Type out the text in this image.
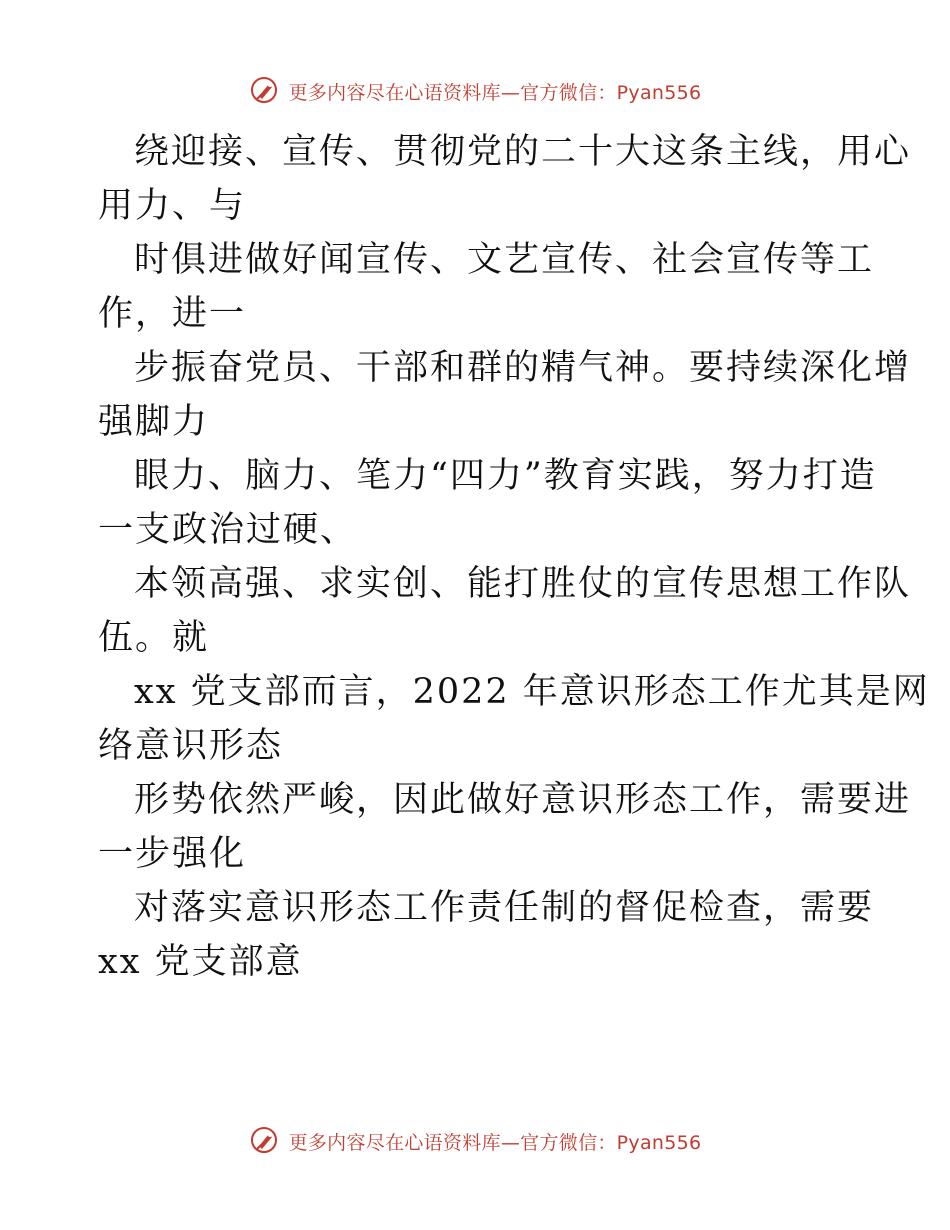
更多内容尽在心语资料库—官方微信：Pyan556
绕迎接、宣传、贯彻党的二十大这条主线，用心
用力、与
时俱进做好闻宣传、文艺宣传、社会宣传等工
作，进一
步振奋党员、干部和群的精气神。要持续深化增
强脚力
眼力、脑力、笔力“四力”教育实践，努力打造
一支政治过硬、
本领高强、求实创、能打胜仗的宣传思想工作队
伍。就
xx 党支部而言，2022 年意识形态工作尤其是网
络意识形态
形势依然严峻，因此做好意识形态工作，需要进
一步强化
对落实意识形态工作责任制的督促检查，需要
xx 党支部意
更多内容尽在心语资料库—官方微信：Pyan556
